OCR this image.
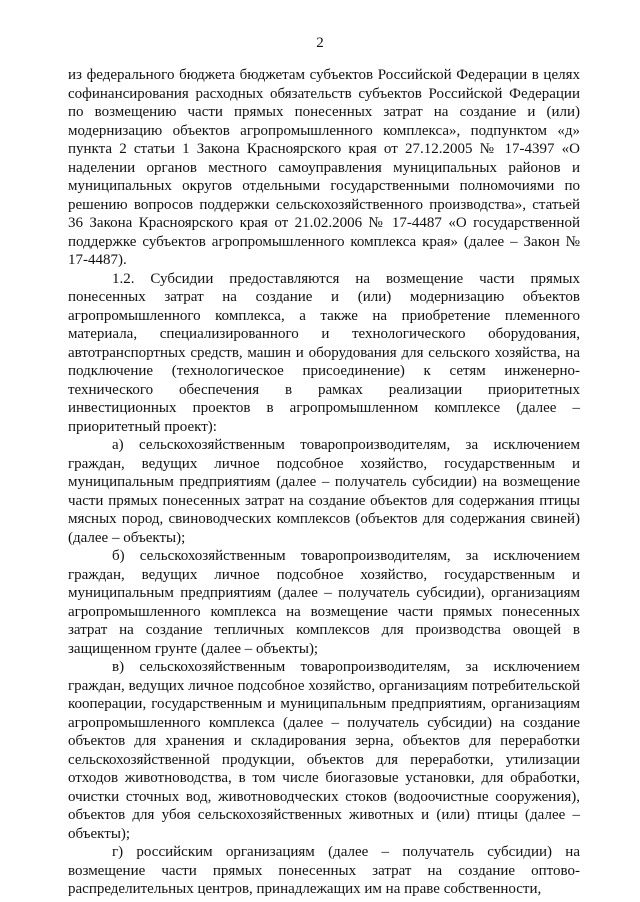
2

из федерального бюджета бюджетам субъектов Российской Федерации в целях софинансирования расходных обязательств субъектов Российской Федерации по возмещению части прямых понесенных затрат на создание и (или) модернизацию объектов агропромышленного комплекса», подпунктом «д» пункта 2 статьи 1 Закона Красноярского края от 27.12.2005 № 17-4397 «О наделении органов местного самоуправления муниципальных районов и муниципальных округов отдельными государственными полномочиями по решению вопросов поддержки сельскохозяйственного производства», статьей 36 Закона Красноярского края от 21.02.2006 № 17-4487 «О государственной поддержке субъектов агропромышленного комплекса края» (далее – Закон № 17-4487).

1.2. Субсидии предоставляются на возмещение части прямых понесенных затрат на создание и (или) модернизацию объектов агропромышленного комплекса, а также на приобретение племенного материала, специализированного и технологического оборудования, автотранспортных средств, машин и оборудования для сельского хозяйства, на подключение (технологическое присоединение) к сетям инженерно-технического обеспечения в рамках реализации приоритетных инвестиционных проектов в агропромышленном комплексе (далее – приоритетный проект):

а) сельскохозяйственным товаропроизводителям, за исключением граждан, ведущих личное подсобное хозяйство, государственным и муниципальным предприятиям (далее – получатель субсидии) на возмещение части прямых понесенных затрат на создание объектов для содержания птицы мясных пород, свиноводческих комплексов (объектов для содержания свиней) (далее – объекты);

б) сельскохозяйственным товаропроизводителям, за исключением граждан, ведущих личное подсобное хозяйство, государственным и муниципальным предприятиям (далее – получатель субсидии), организациям агропромышленного комплекса на возмещение части прямых понесенных затрат на создание тепличных комплексов для производства овощей в защищенном грунте (далее – объекты);

в) сельскохозяйственным товаропроизводителям, за исключением граждан, ведущих личное подсобное хозяйство, организациям потребительской кооперации, государственным и муниципальным предприятиям, организациям агропромышленного комплекса (далее – получатель субсидии) на создание объектов для хранения и складирования зерна, объектов для переработки сельскохозяйственной продукции, объектов для переработки, утилизации отходов животноводства, в том числе биогазовые установки, для обработки, очистки сточных вод, животноводческих стоков (водоочистные сооружения), объектов для убоя сельскохозяйственных животных и (или) птицы (далее – объекты);

г) российским организациям (далее – получатель субсидии) на возмещение части прямых понесенных затрат на создание оптово-распределительных центров, принадлежащих им на праве собственности,
